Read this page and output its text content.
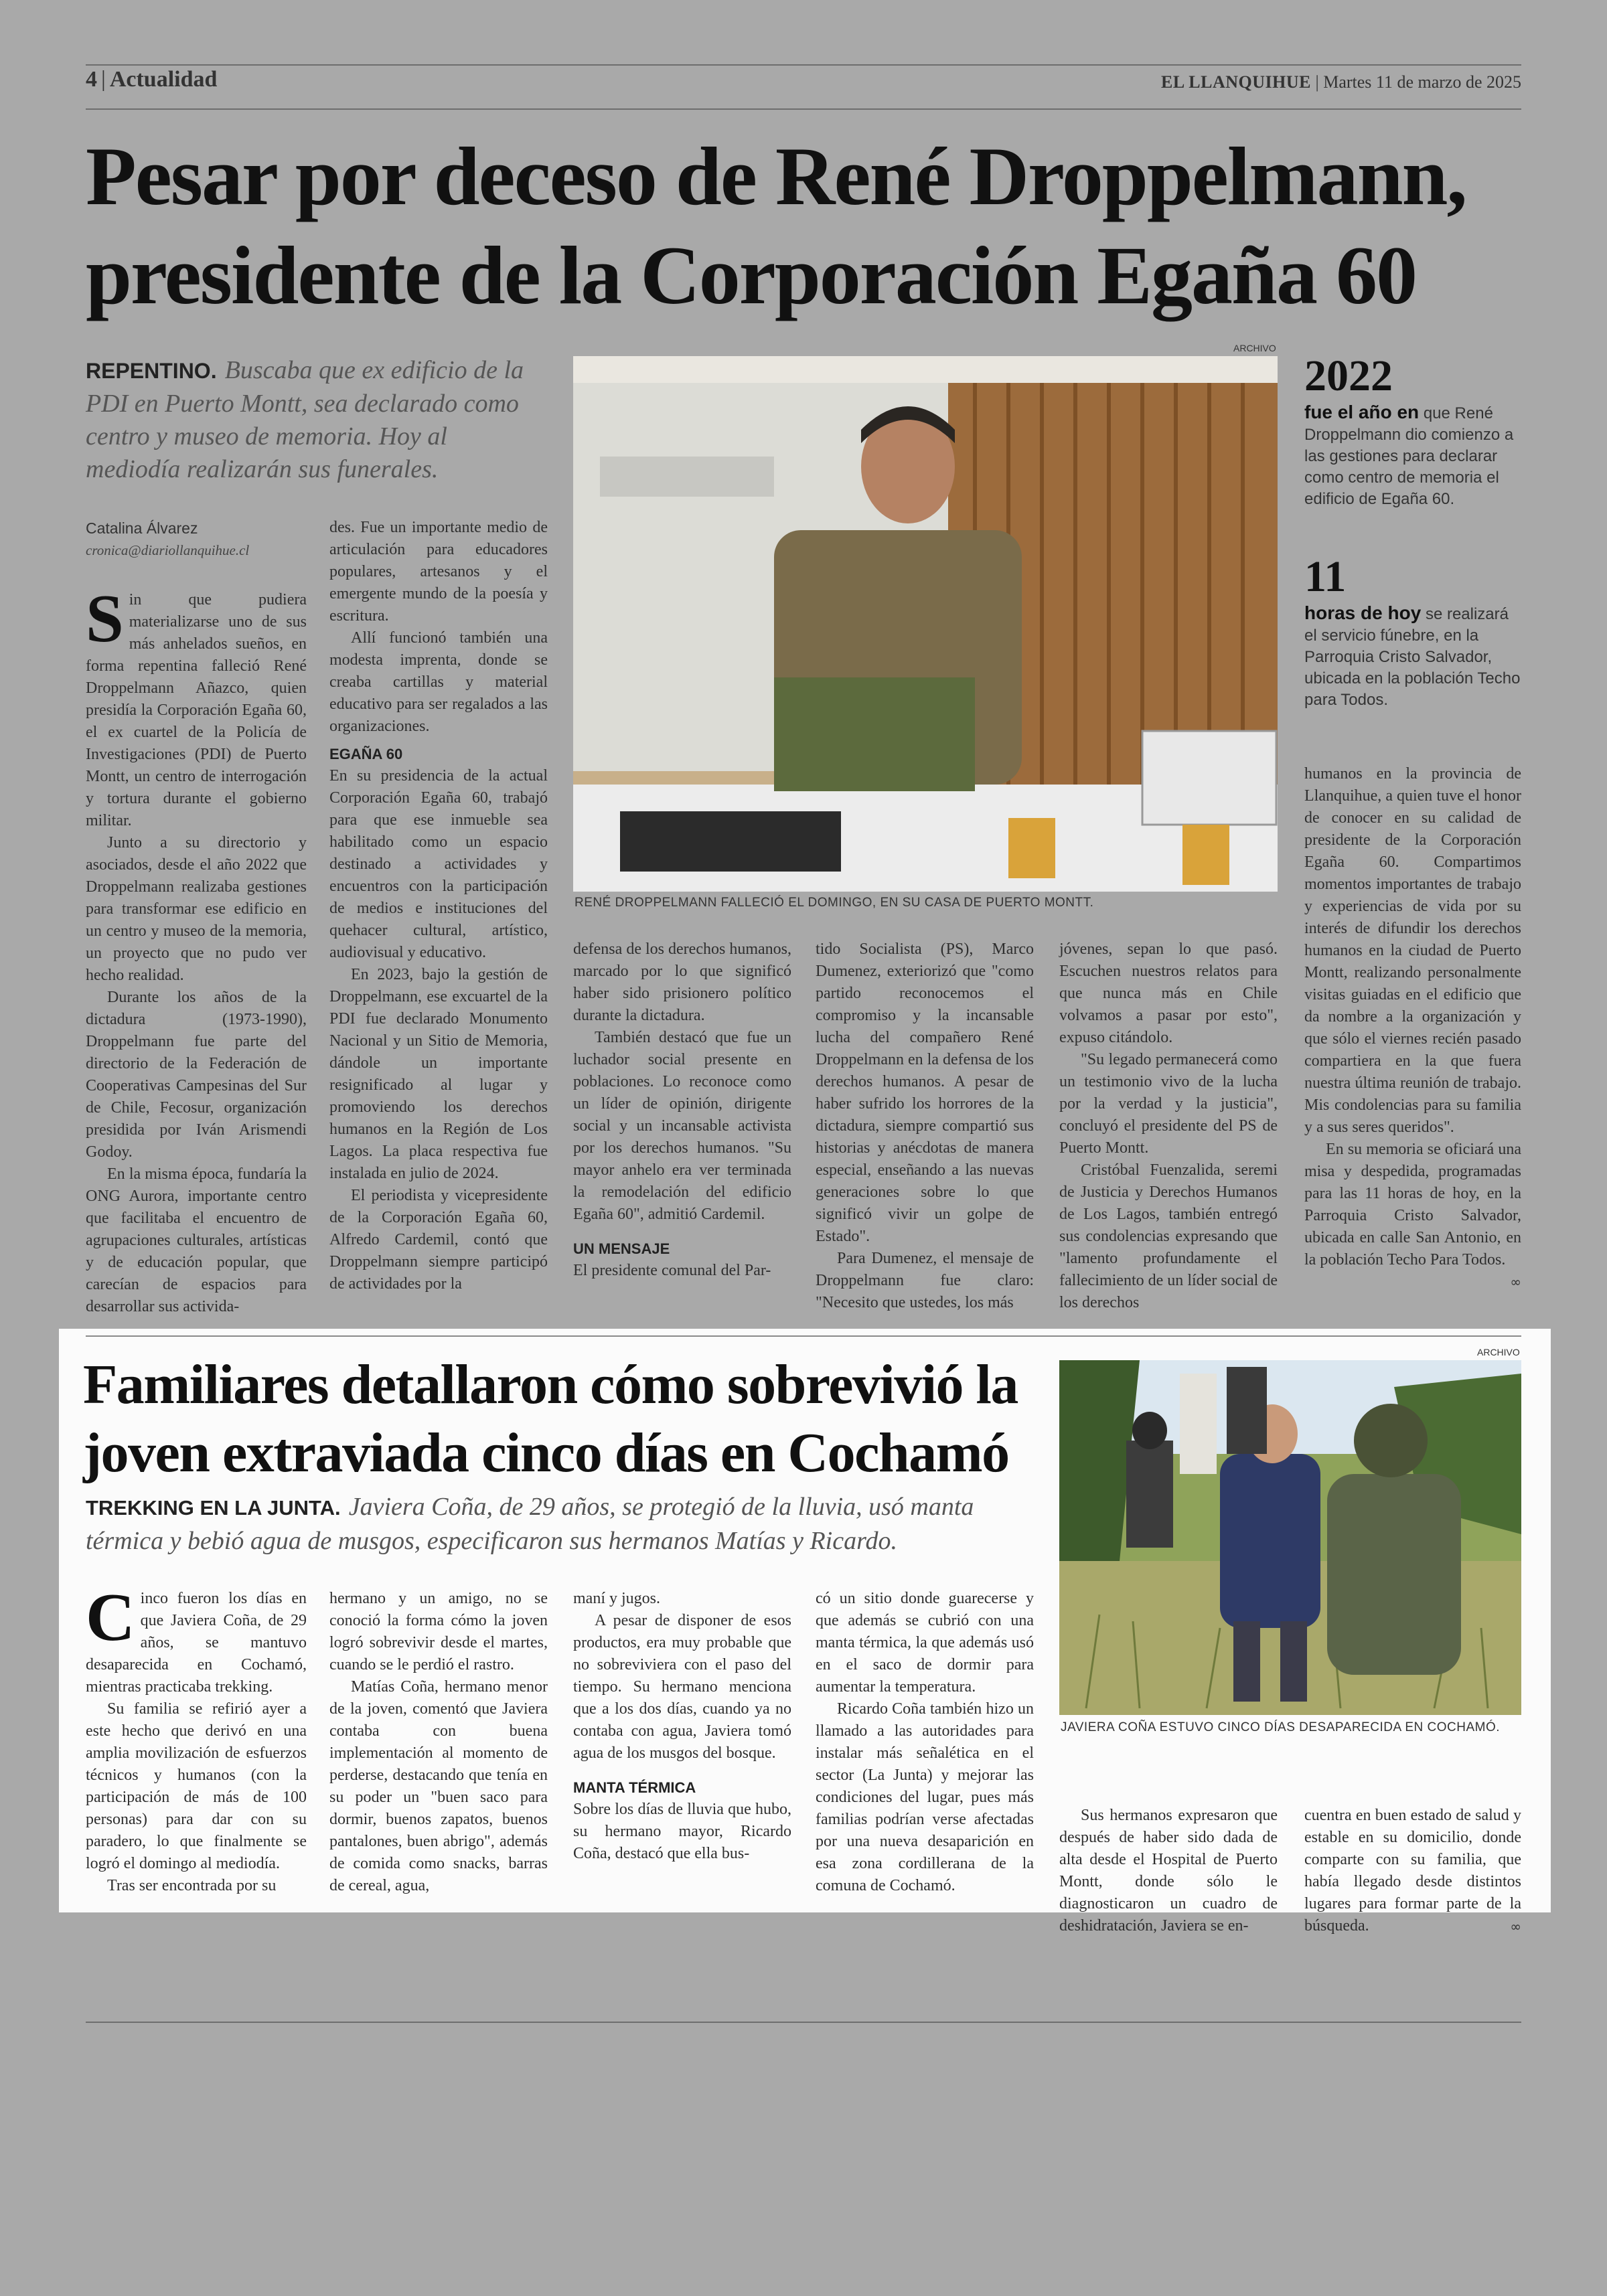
4 | Actualidad	EL LLANQUIHUE | Martes 11 de marzo de 2025
Pesar por deceso de René Droppelmann,
presidente de la Corporación Egaña 60
REPENTINO. Buscaba que ex edificio de la PDI en Puerto Montt, sea declarado como centro y museo de memoria. Hoy al mediodía realizarán sus funerales.
Catalina Álvarez
cronica@diariollanquihue.cl
ARCHIVO
RENÉ DROPPELMANN FALLECIÓ EL DOMINGO, EN SU CASA DE PUERTO MONTT.
2022
fue el año en que René Droppelmann dio comienzo a las gestiones para declarar como centro de memoria el edificio de Egaña 60.
11
horas de hoy se realizará el servicio fúnebre, en la Parroquia Cristo Salvador, ubicada en la población Techo para Todos.
S in que pudiera materializarse uno de sus más anhelados sueños, en forma repentina falleció René Droppelmann Añazco, quien presidía la Corporación Egaña 60, el ex cuartel de la Policía de Investigaciones (PDI) de Puerto Montt, un centro de interrogación y tortura durante el gobierno militar.

Junto a su directorio y asociados, desde el año 2022 que Droppelmann realizaba gestiones para transformar ese edificio en un centro y museo de la memoria, un proyecto que no pudo ver hecho realidad.

Durante los años de la dictadura (1973-1990), Droppelmann fue parte del directorio de la Federación de Cooperativas Campesinas del Sur de Chile, Fecosur, organización presidida por Iván Arismendi Godoy.

En la misma época, fundaría la ONG Aurora, importante centro que facilitaba el encuentro de agrupaciones culturales, artísticas y de educación popular, que carecían de espacios para desarrollar sus activida-

des. Fue un importante medio de articulación para educadores populares, artesanos y el emergente mundo de la poesía y escritura.

Allí funcionó también una modesta imprenta, donde se creaba cartillas y material educativo para ser regalados a las organizaciones.

EGAÑA 60

En su presidencia de la actual Corporación Egaña 60, trabajó para que ese inmueble sea habilitado como un espacio destinado a actividades y encuentros con la participación de medios e instituciones del quehacer cultural, artístico, audiovisual y educativo.

En 2023, bajo la gestión de Droppelmann, ese excuartel de la PDI fue declarado Monumento Nacional y un Sitio de Memoria, dándole un importante resignificado al lugar y promoviendo los derechos humanos en la Región de Los Lagos. La placa respectiva fue instalada en julio de 2024.

El periodista y vicepresidente de la Corporación Egaña 60, Alfredo Cardemil, contó que Droppelmann siempre participó de actividades por la

defensa de los derechos humanos, marcado por lo que significó haber sido prisionero político durante la dictadura.

También destacó que fue un luchador social presente en poblaciones. Lo reconoce como un líder de opinión, dirigente social y un incansable activista por los derechos humanos. "Su mayor anhelo era ver terminada la remodelación del edificio Egaña 60", admitió Cardemil.

UN MENSAJE

El presidente comunal del Par-

tido Socialista (PS), Marco Dumenez, exteriorizó que "como partido reconocemos el compromiso y la incansable lucha del compañero René Droppelmann en la defensa de los derechos humanos. A pesar de haber sufrido los horrores de la dictadura, siempre compartió sus historias y anécdotas de manera especial, enseñando a las nuevas generaciones sobre lo que significó vivir un golpe de Estado".

Para Dumenez, el mensaje de Droppelmann fue claro: "Necesito que ustedes, los más

jóvenes, sepan lo que pasó. Escuchen nuestros relatos para que nunca más en Chile volvamos a pasar por esto", expuso citándolo.

"Su legado permanecerá como un testimonio vivo de la lucha por la verdad y la justicia", concluyó el presidente del PS de Puerto Montt.

Cristóbal Fuenzalida, seremi de Justicia y Derechos Humanos de Los Lagos, también entregó sus condolencias expresando que "lamento profundamente el fallecimiento de un líder social de los derechos

humanos en la provincia de Llanquihue, a quien tuve el honor de conocer en su calidad de presidente de la Corporación Egaña 60. Compartimos momentos importantes de trabajo y experiencias de vida por su interés de difundir los derechos humanos en la ciudad de Puerto Montt, realizando personalmente visitas guiadas en el edificio que da nombre a la organización y que sólo el viernes recién pasado compartiera en la que fuera nuestra última reunión de trabajo. Mis condolencias para su familia y a sus seres queridos".

En su memoria se oficiará una misa y despedida, programadas para las 11 horas de hoy, en la Parroquia Cristo Salvador, ubicada en calle San Antonio, en la población Techo Para Todos.

∞
Familiares detallaron cómo sobrevivió la
joven extraviada cinco días en Cochamó
TREKKING EN LA JUNTA. Javiera Coña, de 29 años, se protegió de la lluvia, usó manta térmica y bebió agua de musgos, especificaron sus hermanos Matías y Ricardo.
ARCHIVO
JAVIERA COÑA ESTUVO CINCO DÍAS DESAPARECIDA EN COCHAMÓ.
C inco fueron los días en que Javiera Coña, de 29 años, se mantuvo desaparecida en Cochamó, mientras practicaba trekking.

Su familia se refirió ayer a este hecho que derivó en una amplia movilización de esfuerzos técnicos y humanos (con la participación de más de 100 personas) para dar con su paradero, lo que finalmente se logró el domingo al mediodía.

Tras ser encontrada por su

hermano y un amigo, no se conoció la forma cómo la joven logró sobrevivir desde el martes, cuando se le perdió el rastro.

Matías Coña, hermano menor de la joven, comentó que Javiera contaba con buena implementación al momento de perderse, destacando que tenía en su poder un "buen saco para dormir, buenos zapatos, buenos pantalones, buen abrigo", además de comida como snacks, barras de cereal, agua,

maní y jugos.

A pesar de disponer de esos productos, era muy probable que no sobreviviera con el paso del tiempo. Su hermano menciona que a los dos días, cuando ya no contaba con agua, Javiera tomó agua de los musgos del bosque.

MANTA TÉRMICA

Sobre los días de lluvia que hubo, su hermano mayor, Ricardo Coña, destacó que ella bus-

có un sitio donde guarecerse y que además se cubrió con una manta térmica, la que además usó en el saco de dormir para aumentar la temperatura.

Ricardo Coña también hizo un llamado a las autoridades para instalar más señalética en el sector (La Junta) y mejorar las condiciones del lugar, pues más familias podrían verse afectadas por una nueva desaparición en esa zona cordillerana de la comuna de Cochamó.

Sus hermanos expresaron que después de haber sido dada de alta desde el Hospital de Puerto Montt, donde sólo le diagnosticaron un cuadro de deshidratación, Javiera se en-

cuentra en buen estado de salud y estable en su domicilio, donde comparte con su familia, que había llegado desde distintos lugares para formar parte de la búsqueda.	∞
